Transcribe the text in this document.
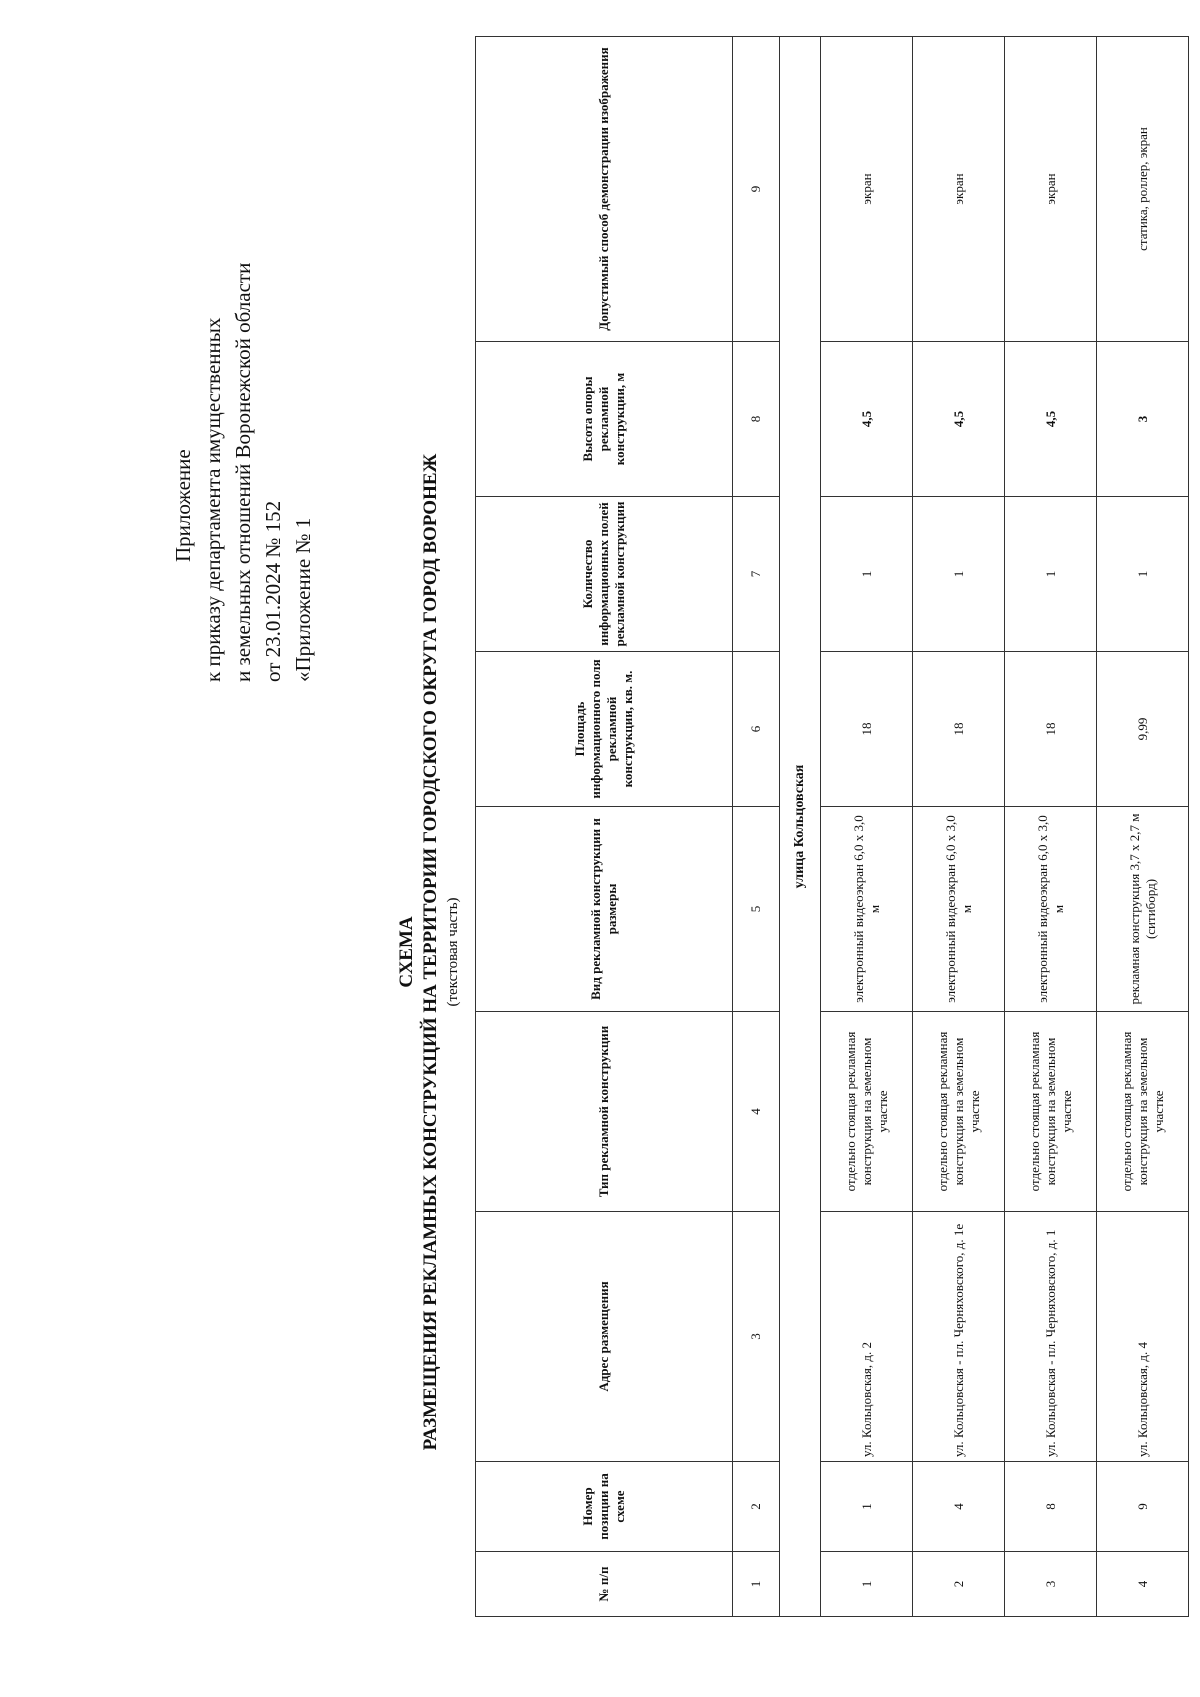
Приложение к приказу департамента имущественных и земельных отношений Воронежской области от 23.01.2024 № 152 «Приложение № 1
СХЕМА РАЗМЕЩЕНИЯ РЕКЛАМНЫХ КОНСТРУКЦИЙ НА ТЕРРИТОРИИ ГОРОДСКОГО ОКРУГА ГОРОД ВОРОНЕЖ (текстовая часть)
№ п/п	Номер позиции на схеме	Адрес размещения	Тип рекламной конструкции	Вид рекламной конструкции и размеры	Площадь информационного поля рекламной конструкции, кв. м.	Количество информационных полей рекламной конструкции	Высота опоры рекламной конструкции, м	Допустимый способ демонстрации изображения
1	2	3	4	5	6	7	8	9
улица Кольцовская								
1	1	ул. Кольцовская, д. 2	отдельно стоящая рекламная конструкция на земельном участке	электронный видеоэкран 6,0 х 3,0 м	18	1	4,5	экран
2	4	ул. Кольцовская - пл. Черняховского, д. 1е	отдельно стоящая рекламная конструкция на земельном участке	электронный видеоэкран 6,0 х 3,0 м	18	1	4,5	экран
3	8	ул. Кольцовская - пл. Черняховского, д. 1	отдельно стоящая рекламная конструкция на земельном участке	электронный видеоэкран 6,0 х 3,0 м	18	1	4,5	экран
4	9	ул. Кольцовская, д. 4	отдельно стоящая рекламная конструкция на земельном участке	рекламная конструкция 3,7 х 2,7 м (ситиборд)	9,99	1	3	статика, роллер, экран
